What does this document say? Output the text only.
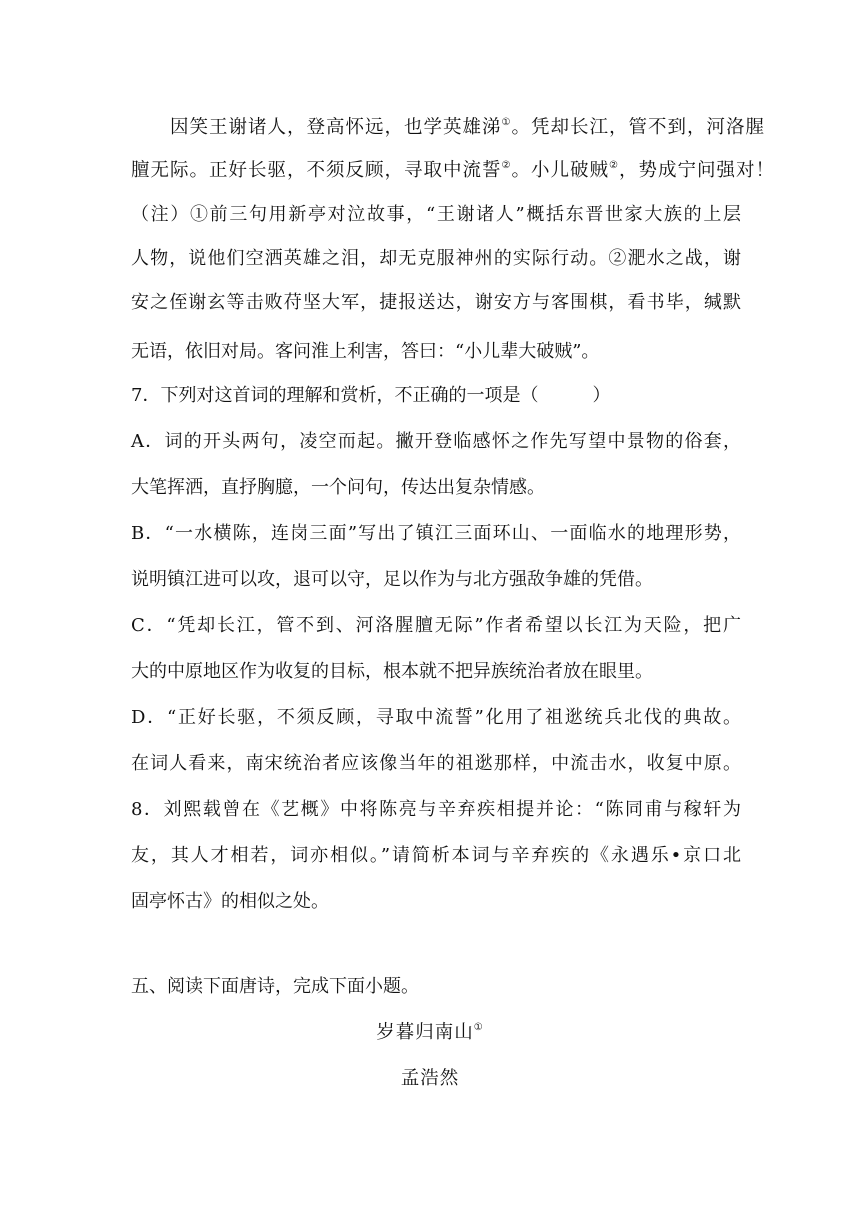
　　因笑王谢诸人，登高怀远，也学英雄涕①。凭却长江，管不到，河洛腥
膻无际。正好长驱，不须反顾，寻取中流誓②。小儿破贼②，势成宁问强对！
（注）①前三句用新亭对泣故事，“王谢诸人”概括东晋世家大族的上层
人物，说他们空洒英雄之泪，却无克服神州的实际行动。②淝水之战，谢
安之侄谢玄等击败苻坚大军，捷报送达，谢安方与客围棋，看书毕，缄默
无语，依旧对局。客问淮上利害，答曰：“小儿辈大破贼”。
7．下列对这首词的理解和赏析，不正确的一项是（　　　）
A．词的开头两句，凌空而起。撇开登临感怀之作先写望中景物的俗套，
大笔挥洒，直抒胸臆，一个问句，传达出复杂情感。
B．“一水横陈，连岗三面”写出了镇江三面环山、一面临水的地理形势，
说明镇江进可以攻，退可以守，足以作为与北方强敌争雄的凭借。
C．“凭却长江，管不到、河洛腥膻无际”作者希望以长江为天险，把广
大的中原地区作为收复的目标，根本就不把异族统治者放在眼里。
D．“正好长驱，不须反顾，寻取中流誓”化用了祖逖统兵北伐的典故。
在词人看来，南宋统治者应该像当年的祖逖那样，中流击水，收复中原。
8．刘熙载曾在《艺概》中将陈亮与辛弃疾相提并论：“陈同甫与稼轩为
友，其人才相若，词亦相似。”请简析本词与辛弃疾的《永遇乐•京口北
固亭怀古》的相似之处。
五、阅读下面唐诗，完成下面小题。
岁暮归南山①
孟浩然
